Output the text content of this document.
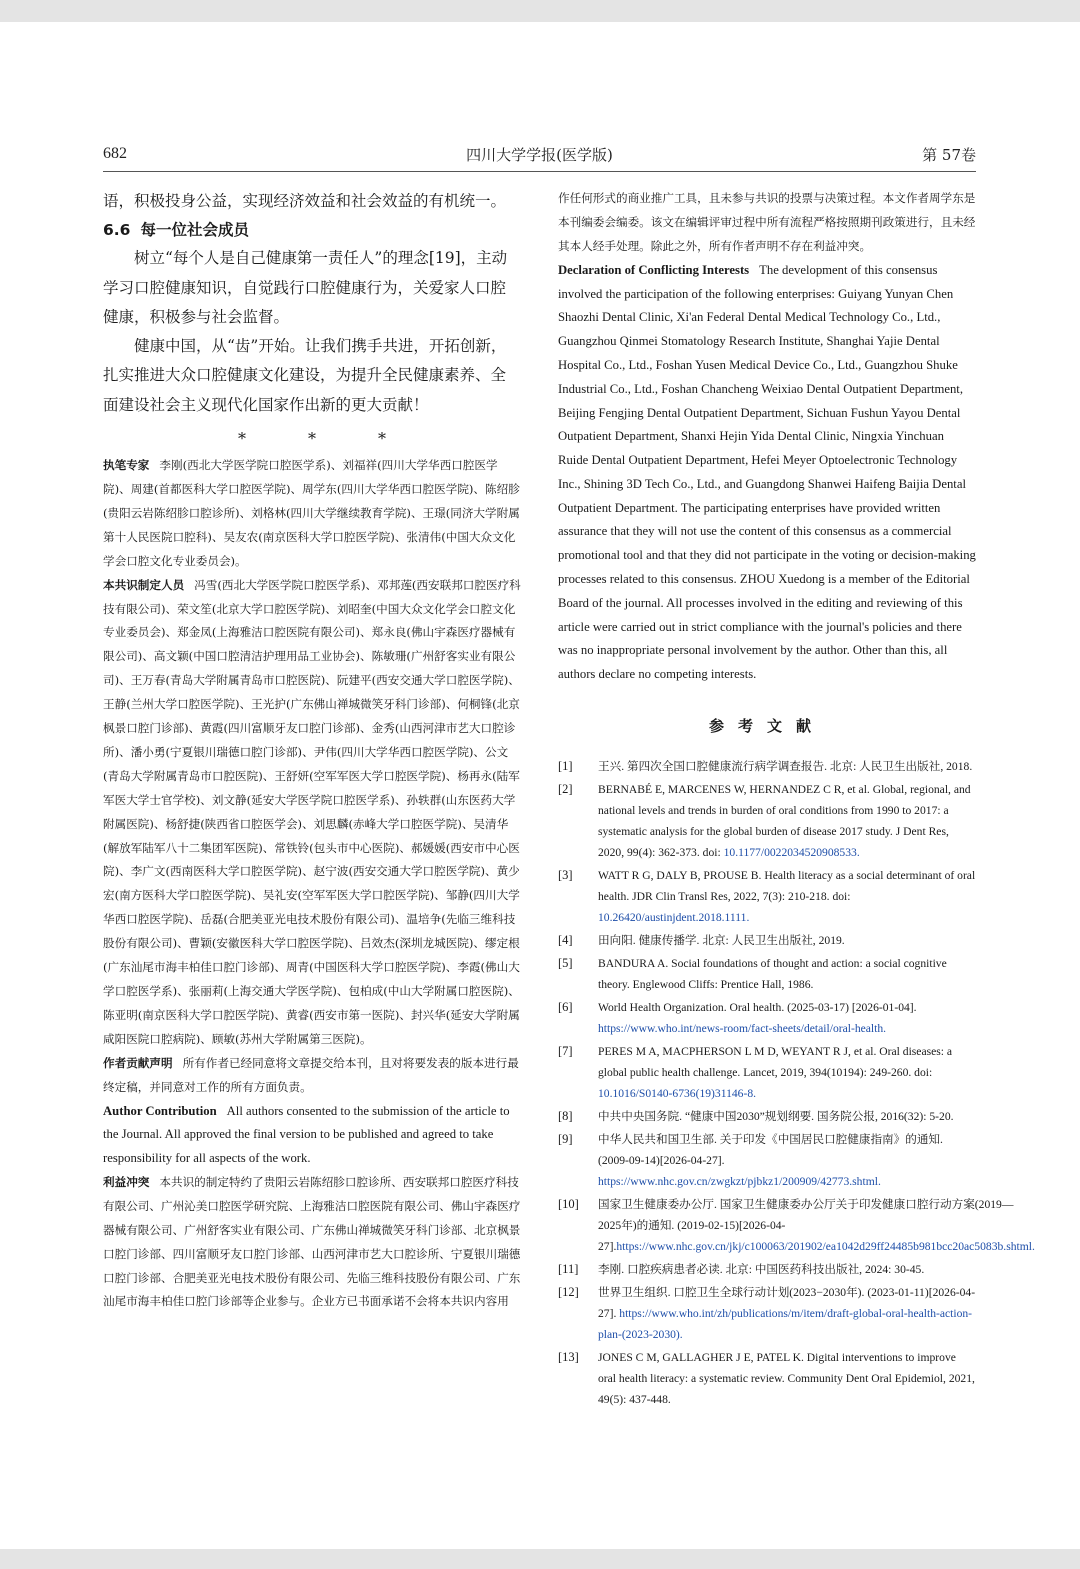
682	四川大学学报(医学版)	第 57卷

语，积极投身公益，实现经济效益和社会效益的有机统一。

6.6 每一位社会成员

树立“每个人是自己健康第一责任人”的理念[19]，主动学习口腔健康知识，自觉践行口腔健康行为，关爱家人口腔健康，积极参与社会监督。

健康中国，从“齿”开始。让我们携手共进，开拓创新，扎实推进大众口腔健康文化建设，为提升全民健康素养、全面建设社会主义现代化国家作出新的更大贡献！

*	*	*

执笔专家 李刚(西北大学医学院口腔医学系)、刘福祥(四川大学华西口腔医学院)、周建(首都医科大学口腔医学院)、周学东(四川大学华西口腔医学院)、陈绍胗(贵阳云岩陈绍胗口腔诊所)、刘格林(四川大学继续教育学院)、王璟(同济大学附属第十人民医院口腔科)、吴友农(南京医科大学口腔医学院)、张清伟(中国大众文化学会口腔文化专业委员会)。

本共识制定人员 冯雪(西北大学医学院口腔医学系)、邓邦莲(西安联邦口腔医疗科技有限公司)、荣文笙(北京大学口腔医学院)、刘昭奎(中国大众文化学会口腔文化专业委员会)、郑金凤(上海雅洁口腔医院有限公司)、郑永良(佛山宇森医疗器械有限公司)、高文颖(中国口腔清洁护理用品工业协会)、陈敏珊(广州舒客实业有限公司)、王万春(青岛大学附属青岛市口腔医院)、阮建平(西安交通大学口腔医学院)、王静(兰州大学口腔医学院)、王光护(广东佛山禅城微笑牙科门诊部)、何桐锋(北京枫景口腔门诊部)、黄霞(四川富顺牙友口腔门诊部)、金秀(山西河津市艺大口腔诊所)、潘小勇(宁夏银川瑞德口腔门诊部)、尹伟(四川大学华西口腔医学院)、公文(青岛大学附属青岛市口腔医院)、王舒妍(空军军医大学口腔医学院)、杨再永(陆军军医大学士官学校)、刘文静(延安大学医学院口腔医学系)、孙轶群(山东医药大学附属医院)、杨舒捷(陕西省口腔医学会)、刘思麟(赤峰大学口腔医学院)、吴清华(解放军陆军八十二集团军医院)、常铁铃(包头市中心医院)、郝媛媛(西安市中心医院)、李广文(西南医科大学口腔医学院)、赵宁波(西安交通大学口腔医学院)、黄少宏(南方医科大学口腔医学院)、吴礼安(空军军医大学口腔医学院)、邹静(四川大学华西口腔医学院)、岳磊(合肥美亚光电技术股份有限公司)、温培争(先临三维科技股份有限公司)、曹颖(安徽医科大学口腔医学院)、吕效杰(深圳龙城医院)、缪定根(广东汕尾市海丰柏佳口腔门诊部)、周青(中国医科大学口腔医学院)、李霞(佛山大学口腔医学系)、张丽莉(上海交通大学医学院)、包柏成(中山大学附属口腔医院)、陈亚明(南京医科大学口腔医学院)、黄睿(西安市第一医院)、封兴华(延安大学附属咸阳医院口腔病院)、顾敏(苏州大学附属第三医院)。

作者贡献声明 所有作者已经同意将文章提交给本刊，且对将要发表的版本进行最终定稿，并同意对工作的所有方面负责。

Author Contribution All authors consented to the submission of the article to the Journal. All approved the final version to be published and agreed to take responsibility for all aspects of the work.

利益冲突 本共识的制定特约了贵阳云岩陈绍胗口腔诊所、西安联邦口腔医疗科技有限公司、广州沁美口腔医学研究院、上海雅洁口腔医院有限公司、佛山宇森医疗器械有限公司、广州舒客实业有限公司、广东佛山禅城微笑牙科门诊部、北京枫景口腔门诊部、四川富顺牙友口腔门诊部、山西河津市艺大口腔诊所、宁夏银川瑞德口腔门诊部、合肥美亚光电技术股份有限公司、先临三维科技股份有限公司、广东汕尾市海丰柏佳口腔门诊部等企业参与。企业方已书面承诺不会将本共识内容用

作任何形式的商业推广工具，且未参与共识的投票与决策过程。本文作者周学东是本刊编委会编委。该文在编辑评审过程中所有流程严格按照期刊政策进行，且未经其本人经手处理。除此之外，所有作者声明不存在利益冲突。

Declaration of Conflicting Interests The development of this consensus involved the participation of the following enterprises: Guiyang Yunyan Chen Shaozhi Dental Clinic, Xi'an Federal Dental Medical Technology Co., Ltd., Guangzhou Qinmei Stomatology Research Institute, Shanghai Yajie Dental Hospital Co., Ltd., Foshan Yusen Medical Device Co., Ltd., Guangzhou Shuke Industrial Co., Ltd., Foshan Chancheng Weixiao Dental Outpatient Department, Beijing Fengjing Dental Outpatient Department, Sichuan Fushun Yayou Dental Outpatient Department, Shanxi Hejin Yida Dental Clinic, Ningxia Yinchuan Ruide Dental Outpatient Department, Hefei Meyer Optoelectronic Technology Inc., Shining 3D Tech Co., Ltd., and Guangdong Shanwei Haifeng Baijia Dental Outpatient Department. The participating enterprises have provided written assurance that they will not use the content of this consensus as a commercial promotional tool and that they did not participate in the voting or decision-making processes related to this consensus. ZHOU Xuedong is a member of the Editorial Board of the journal. All processes involved in the editing and reviewing of this article were carried out in strict compliance with the journal's policies and there was no inappropriate personal involvement by the author. Other than this, all authors declare no competing interests.

参考文献
[1]	王兴. 第四次全国口腔健康流行病学调查报告. 北京: 人民卫生出版社, 2018.
[2]	BERNABÉ E, MARCENES W, HERNANDEZ C R, et al. Global, regional, and national levels and trends in burden of oral conditions from 1990 to 2017: a systematic analysis for the global burden of disease 2017 study. J Dent Res, 2020, 99(4): 362-373. doi: 10.1177/0022034520908533.
[3]	WATT R G, DALY B, PROUSE B. Health literacy as a social determinant of oral health. JDR Clin Transl Res, 2022, 7(3): 210-218. doi: 10.26420/austinjdent.2018.1111.
[4]	田向阳. 健康传播学. 北京: 人民卫生出版社, 2019.
[5]	BANDURA A. Social foundations of thought and action: a social cognitive theory. Englewood Cliffs: Prentice Hall, 1986.
[6]	World Health Organization. Oral health. (2025-03-17) [2026-01-04]. https://www.who.int/news-room/fact-sheets/detail/oral-health.
[7]	PERES M A, MACPHERSON L M D, WEYANT R J, et al. Oral diseases: a global public health challenge. Lancet, 2019, 394(10194): 249-260. doi: 10.1016/S0140-6736(19)31146-8.
[8]	中共中央国务院. “健康中国2030”规划纲要. 国务院公报, 2016(32): 5-20.
[9]	中华人民共和国卫生部. 关于印发《中国居民口腔健康指南》的通知. (2009-09-14)[2026-04-27]. https://www.nhc.gov.cn/zwgkzt/pjbkz1/200909/42773.shtml.
[10]	国家卫生健康委办公厅. 国家卫生健康委办公厅关于印发健康口腔行动方案(2019—2025年)的通知. (2019-02-15)[2026-04-27].https://www.nhc.gov.cn/jkj/c100063/201902/ea1042d29ff24485b981bcc20ac5083b.shtml.
[11]	李刚. 口腔疾病患者必读. 北京: 中国医药科技出版社, 2024: 30-45.
[12]	世界卫生组织. 口腔卫生全球行动计划(2023−2030年). (2023-01-11)[2026-04-27]. https://www.who.int/zh/publications/m/item/draft-global-oral-health-action-plan-(2023-2030).
[13]	JONES C M, GALLAGHER J E, PATEL K. Digital interventions to improve oral health literacy: a systematic review. Community Dent Oral Epidemiol, 2021, 49(5): 437-448.
